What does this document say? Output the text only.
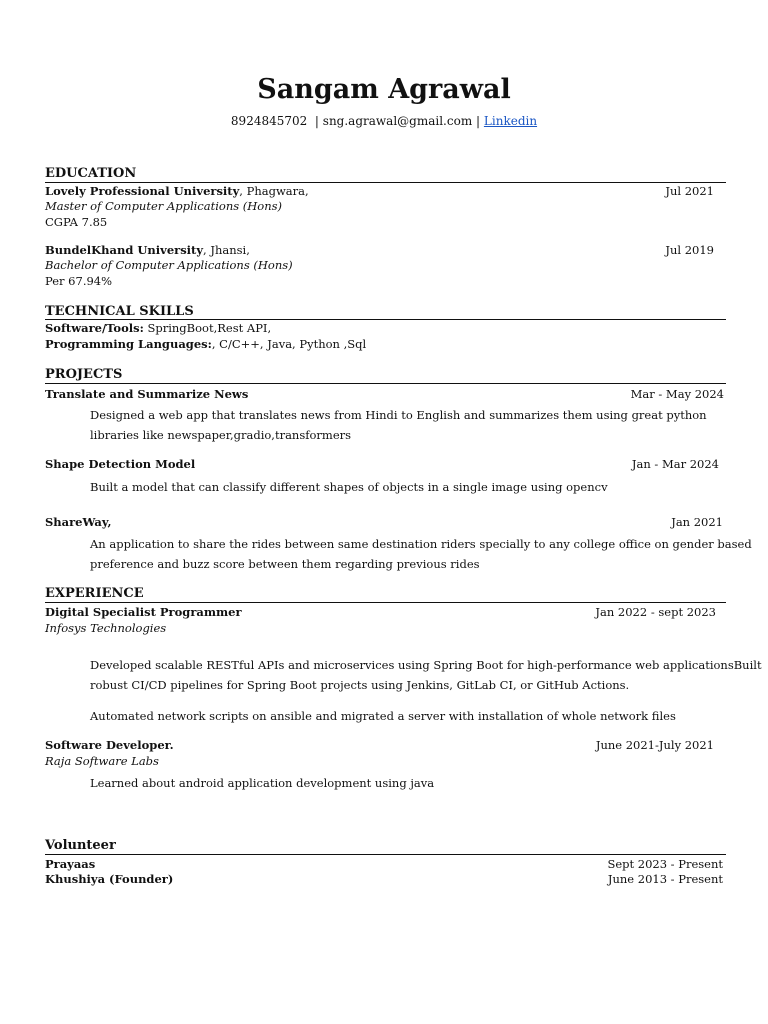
Sangam Agrawal
8924845702 | sng.agrawal@gmail.com | Linkedin
EDUCATION
Lovely Professional University, Phagwara,	Jul 2021
Master of Computer Applications (Hons)
CGPA 7.85
BundelKhand University, Jhansi,	Jul 2019
Bachelor of Computer Applications (Hons)
Per 67.94%
TECHNICAL SKILLS
Software/Tools: SpringBoot,Rest API,
Programming Languages:, C/C++, Java, Python ,Sql
PROJECTS
Translate and Summarize News	Mar - May 2024
Designed a web app that translates news from Hindi to English and summarizes them using great python
libraries like newspaper,gradio,transformers
Shape Detection Model	Jan - Mar 2024
Built a model that can classify different shapes of objects in a single image using opencv
ShareWay,	Jan 2021
An application to share the rides between same destination riders specially to any college office on gender based
preference and buzz score between them regarding previous rides
EXPERIENCE
Digital Specialist Programmer	Jan 2022 - sept 2023
Infosys Technologies
Developed scalable RESTful APIs and microservices using Spring Boot for high-performance web applicationsBuilt
robust CI/CD pipelines for Spring Boot projects using Jenkins, GitLab CI, or GitHub Actions.
Automated network scripts on ansible and migrated a server with installation of whole network files
Software Developer.	June 2021-July 2021
Raja Software Labs
Learned about android application development using java
Volunteer
Prayaas	Sept 2023 - Present
Khushiya (Founder)	June 2013 - Present
